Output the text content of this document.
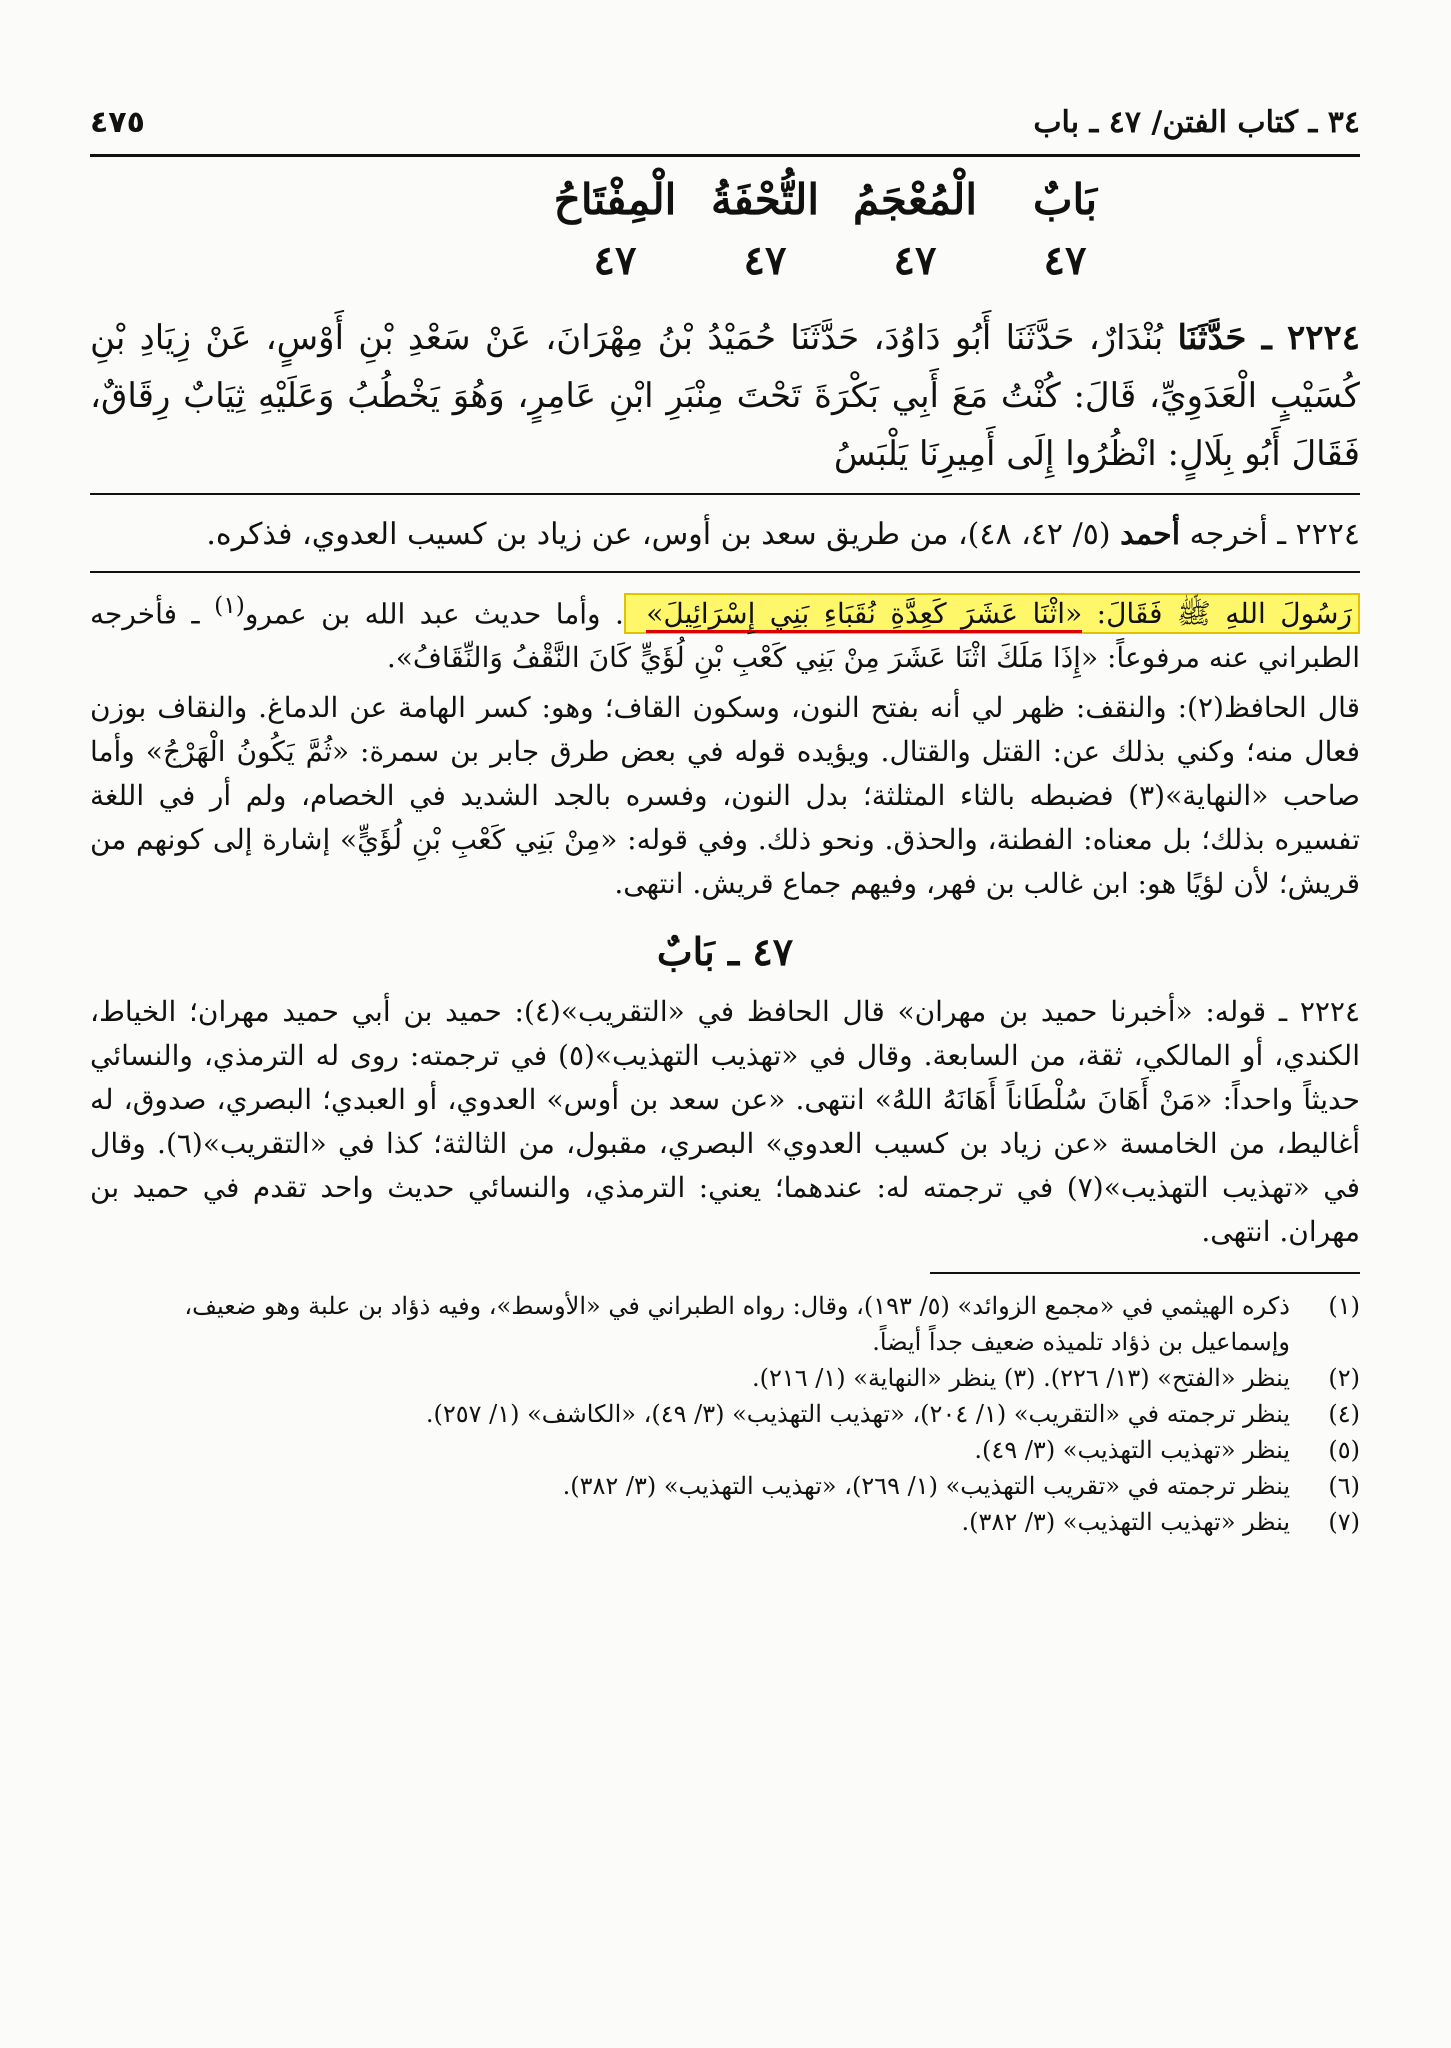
٣٤ ـ كتاب الفتن/ ٤٧ ـ باب
٤٧٥
بَابٌ
٤٧
الْمُعْجَمُ
٤٧
التُّحْفَةُ
٤٧
الْمِفْتَاحُ
٤٧
٢٢٢٤ ـ حَدَّثَنَا بُنْدَارٌ، حَدَّثَنَا أَبُو دَاوُدَ، حَدَّثَنَا حُمَيْدُ بْنُ مِهْرَانَ، عَنْ سَعْدِ بْنِ أَوْسٍ، عَنْ زِيَادِ بْنِ كُسَيْبٍ الْعَدَوِيِّ، قَالَ: كُنْتُ مَعَ أَبِي بَكْرَةَ تَحْتَ مِنْبَرِ ابْنِ عَامِرٍ، وَهُوَ يَخْطُبُ وَعَلَيْهِ ثِيَابٌ رِقَاقٌ، فَقَالَ أَبُو بِلَالٍ: انْظُرُوا إِلَى أَمِيرِنَا يَلْبَسُ
٢٢٢٤ ـ أخرجه أحمد (٥/ ٤٢، ٤٨)، من طريق سعد بن أوس، عن زياد بن كسيب العدوي، فذكره.
رَسُولَ اللهِ ﷺ فَقَالَ: «اثْنَا عَشَرَ كَعِدَّةِ نُقَبَاءِ بَنِي إِسْرَائِيلَ» . وأما حديث عبد الله بن عمرو$^{(١)}$ ـ فأخرجه الطبراني عنه مرفوعاً: «إِذَا مَلَكَ اثْنَا عَشَرَ مِنْ بَنِي كَعْبِ بْنِ لُؤَيٍّ كَانَ النَّقْفُ وَالنِّقَافُ».

قال الحافظ(٢): والنقف: ظهر لي أنه بفتح النون، وسكون القاف؛ وهو: كسر الهامة عن الدماغ. والنقاف بوزن فعال منه؛ وكني بذلك عن: القتل والقتال. ويؤيده قوله في بعض طرق جابر بن سمرة: «ثُمَّ يَكُونُ الْهَرْجُ» وأما صاحب «النهاية»(٣) فضبطه بالثاء المثلثة؛ بدل النون، وفسره بالجد الشديد في الخصام، ولم أر في اللغة تفسيره بذلك؛ بل معناه: الفطنة، والحذق. ونحو ذلك. وفي قوله: «مِنْ بَنِي كَعْبِ بْنِ لُؤَيٍّ» إشارة إلى كونهم من قريش؛ لأن لؤيًا هو: ابن غالب بن فهر، وفيهم جماع قريش. انتهى.

٤٧ ـ بَابٌ
٢٢٢٤ ـ قوله: «أخبرنا حميد بن مهران» قال الحافظ في «التقريب»(٤): حميد بن أبي حميد مهران؛ الخياط، الكندي، أو المالكي، ثقة، من السابعة. وقال في «تهذيب التهذيب»(٥) في ترجمته: روى له الترمذي، والنسائي حديثاً واحداً: «مَنْ أَهَانَ سُلْطَاناً أَهَانَهُ اللهُ» انتهى. «عن سعد بن أوس» العدوي، أو العبدي؛ البصري، صدوق، له أغاليط، من الخامسة «عن زياد بن كسيب العدوي» البصري، مقبول، من الثالثة؛ كذا في «التقريب»(٦). وقال في «تهذيب التهذيب»(٧) في ترجمته له: عندهما؛ يعني: الترمذي، والنسائي حديث واحد تقدم في حميد بن مهران. انتهى.
(١)
ذكره الهيثمي في «مجمع الزوائد» (٥/ ١٩٣)، وقال: رواه الطبراني في «الأوسط»، وفيه ذؤاد بن علبة وهو ضعيف، وإسماعيل بن ذؤاد تلميذه ضعيف جداً أيضاً.
(٢)
ينظر «الفتح» (١٣/ ٢٢٦). (٣) ينظر «النهاية» (١/ ٢١٦).
(٤)
ينظر ترجمته في «التقريب» (١/ ٢٠٤)، «تهذيب التهذيب» (٣/ ٤٩)، «الكاشف» (١/ ٢٥٧).
(٥)
ينظر «تهذيب التهذيب» (٣/ ٤٩).
(٦)
ينظر ترجمته في «تقريب التهذيب» (١/ ٢٦٩)، «تهذيب التهذيب» (٣/ ٣٨٢).
(٧)
ينظر «تهذيب التهذيب» (٣/ ٣٨٢).
